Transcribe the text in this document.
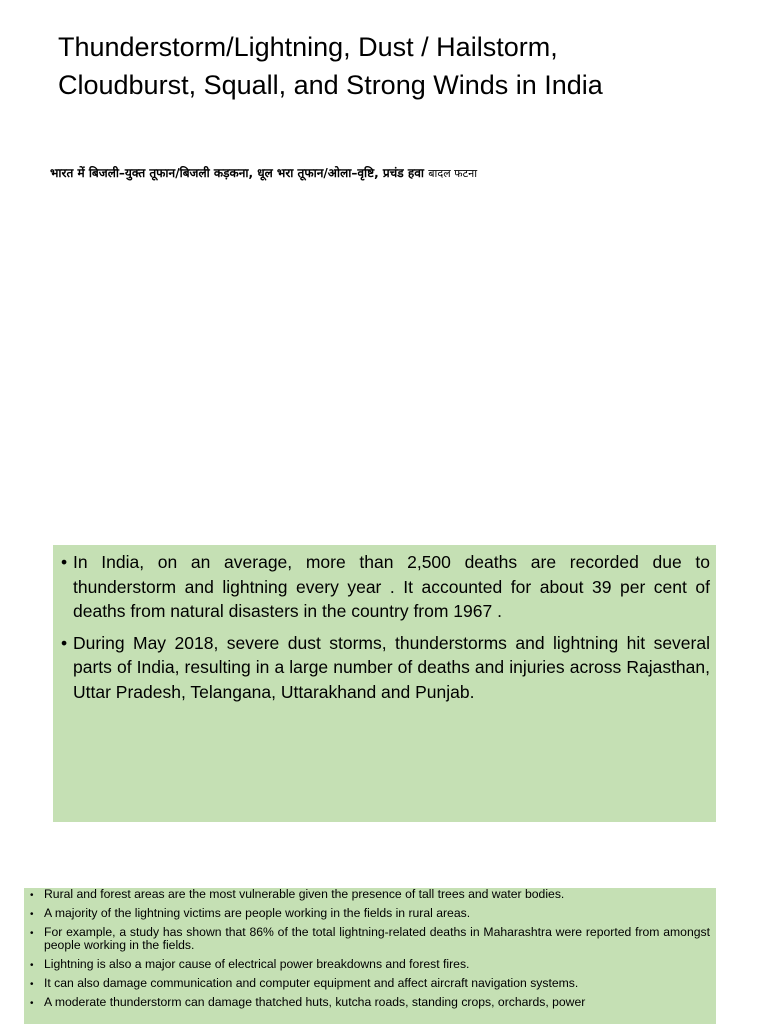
Thunderstorm/Lightning, Dust / Hailstorm,
Cloudburst, Squall, and Strong Winds in India
भारत में बिजली–युक्त तूफान/बिजली कड़कना, धूल भरा तूफान/ओला–वृष्टि, प्रचंड हवा बादल फटना
• In India, on an average, more than 2,500 deaths are recorded due to thunderstorm and lightning every year . It accounted for about 39 per cent of deaths from natural disasters in the country from 1967 .
• During May 2018, severe dust storms, thunderstorms and lightning hit several parts of India, resulting in a large number of deaths and injuries across Rajasthan, Uttar Pradesh, Telangana, Uttarakhand and Punjab.
• Rural and forest areas are the most vulnerable given the presence of tall trees and water bodies.
• A majority of the lightning victims are people working in the fields in rural areas.
• For example, a study has shown that 86% of the total lightning-related deaths in Maharashtra were reported from amongst people working in the fields.
• Lightning is also a major cause of electrical power breakdowns and forest fires.
• It can also damage communication and computer equipment and affect aircraft navigation systems.
• A moderate thunderstorm can damage thatched huts, kutcha roads, standing crops, orchards, power
